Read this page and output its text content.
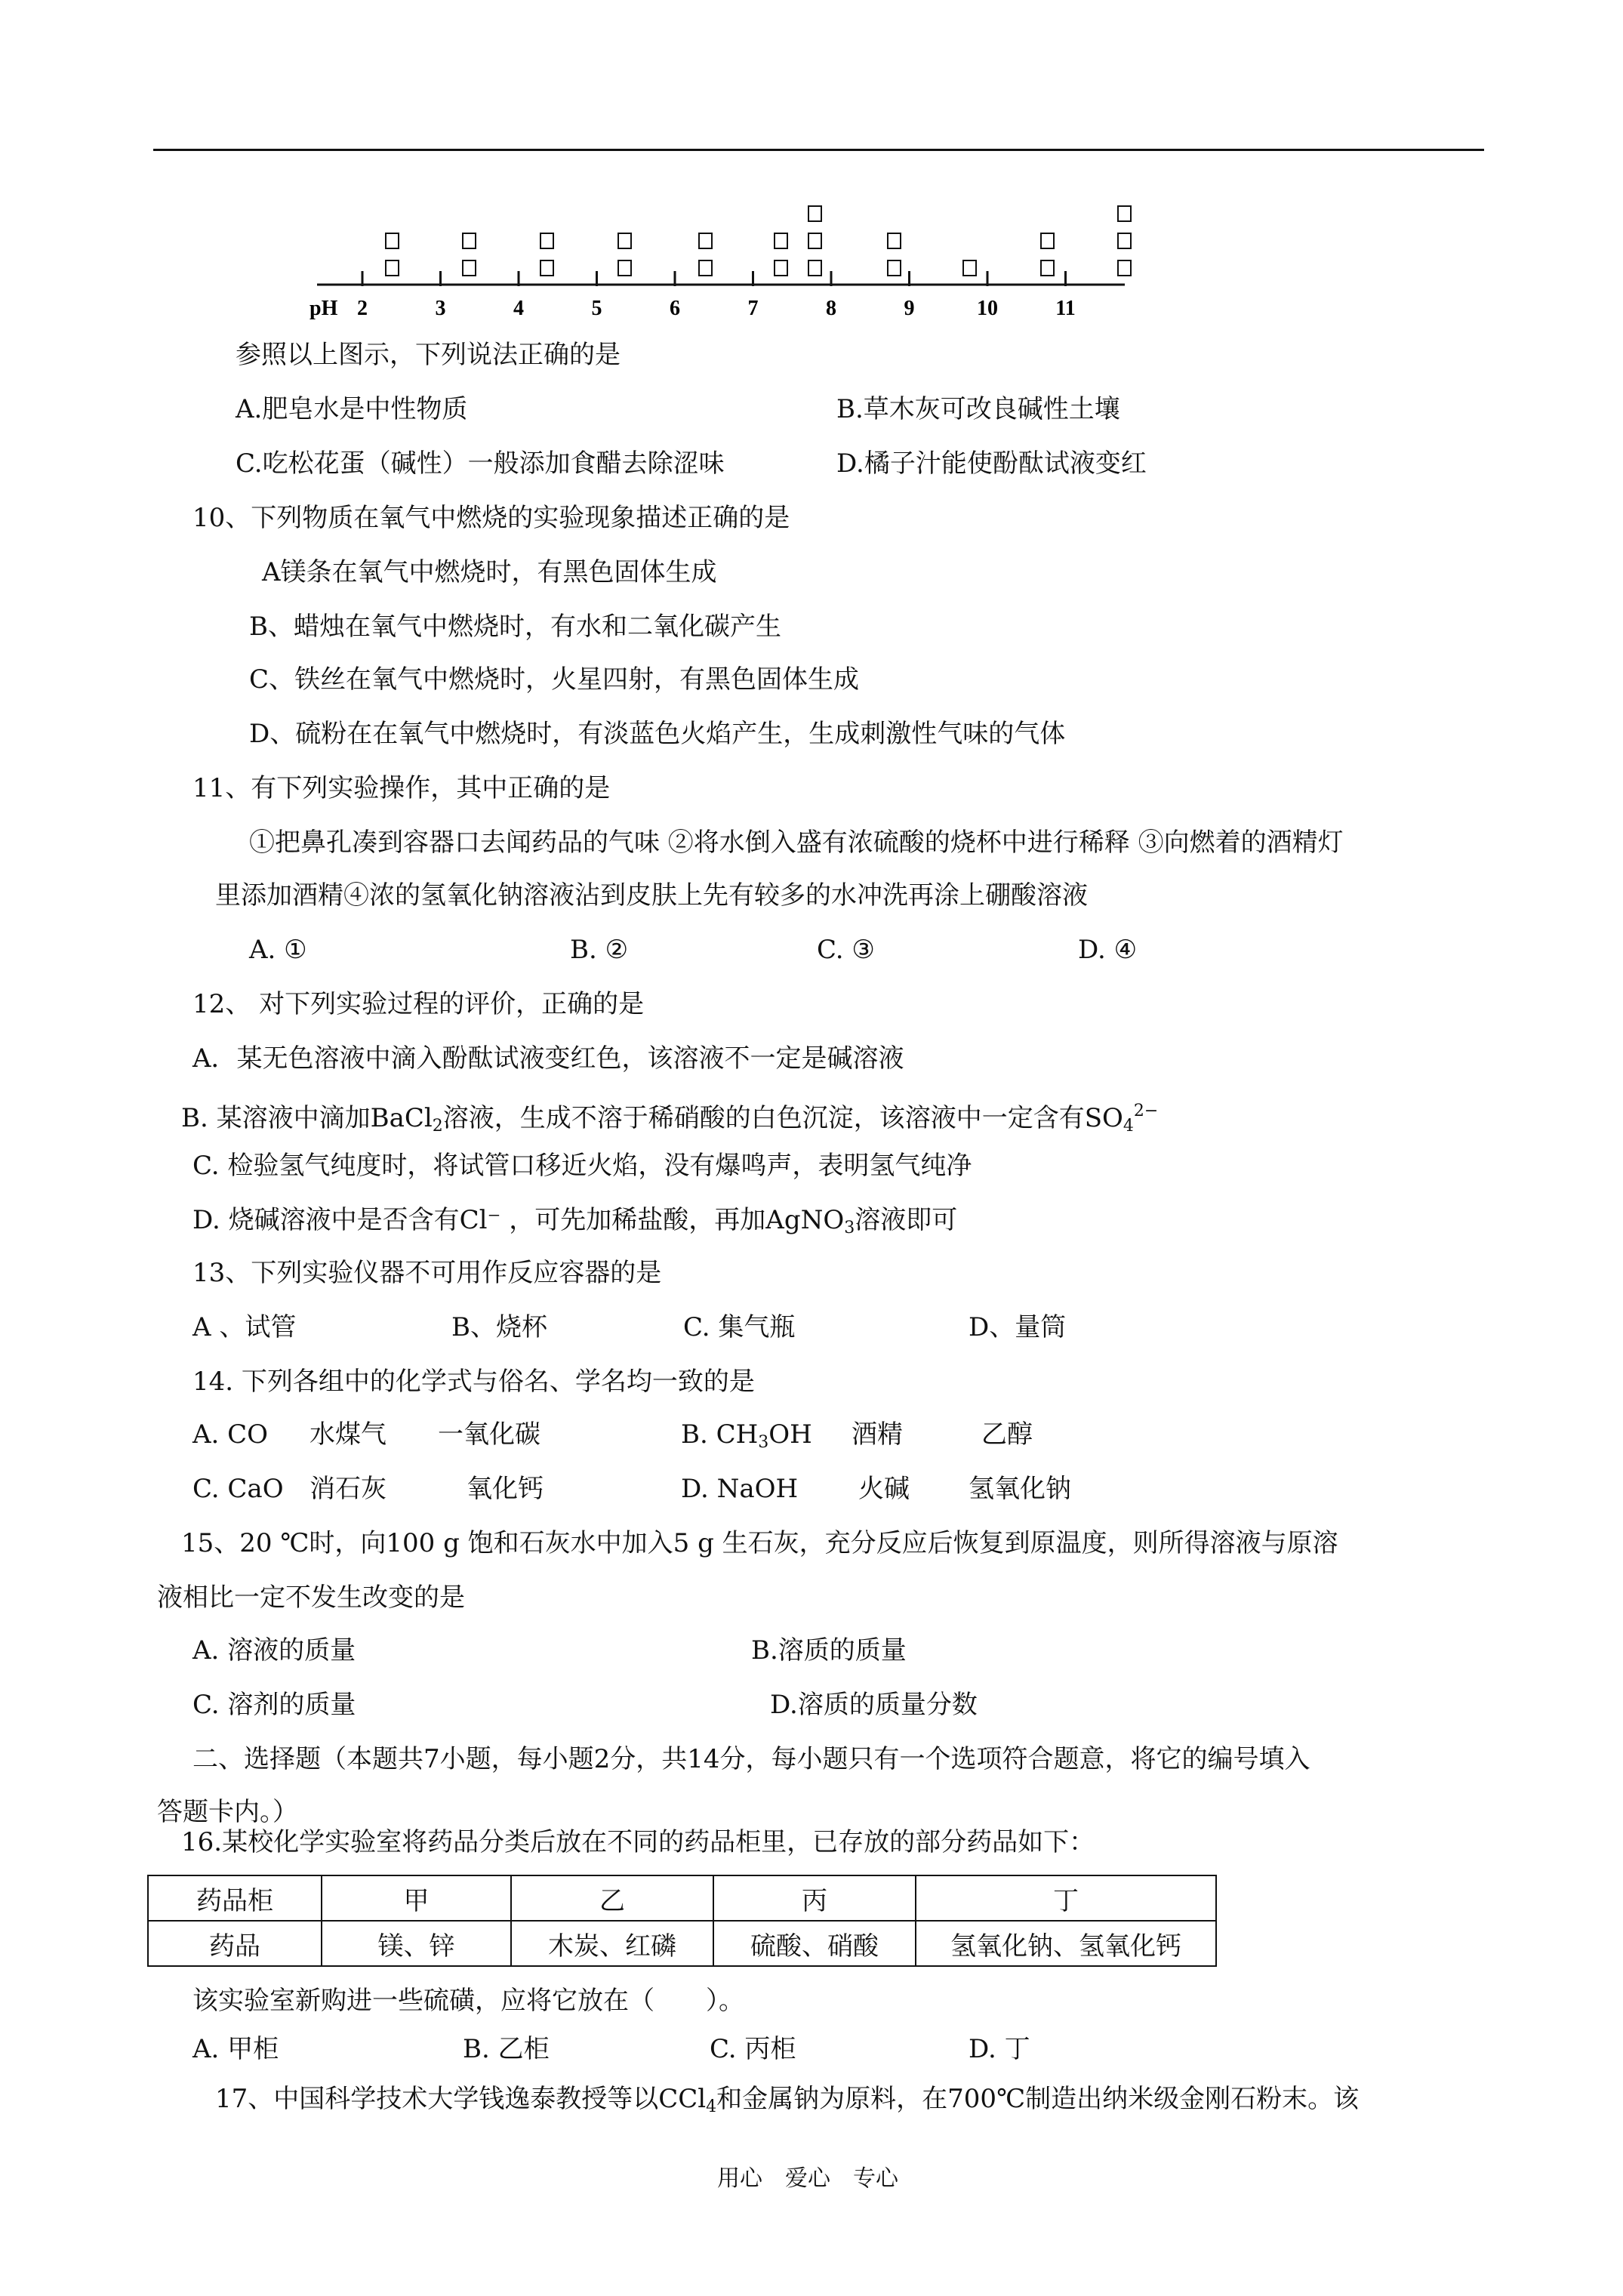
2	3	4	5	6	7	8	9	10	11
pH
参照以上图示，下列说法正确的是
A.肥皂水是中性物质	B.草木灰可改良碱性土壤
C.吃松花蛋（碱性）一般添加食醋去除涩味	D.橘子汁能使酚酞试液变红
10、下列物质在氧气中燃烧的实验现象描述正确的是
A镁条在氧气中燃烧时，有黑色固体生成
B、蜡烛在氧气中燃烧时，有水和二氧化碳产生
C、铁丝在氧气中燃烧时，火星四射，有黑色固体生成
D、硫粉在在氧气中燃烧时，有淡蓝色火焰产生，生成刺激性气味的气体
11、有下列实验操作，其中正确的是
①把鼻孔凑到容器口去闻药品的气味 ②将水倒入盛有浓硫酸的烧杯中进行稀释 ③向燃着的酒精灯
里添加酒精④浓的氢氧化钠溶液沾到皮肤上先有较多的水冲洗再涂上硼酸溶液
A. ①	B. ②	C. ③	D. ④
12、 对下列实验过程的评价，正确的是
A．某无色溶液中滴入酚酞试液变红色，该溶液不一定是碱溶液
B. 某溶液中滴加BaCl$_2$溶液，生成不溶于稀硝酸的白色沉淀，该溶液中一定含有$SO_4^{2-}$
C. 检验氢气纯度时，将试管口移近火焰，没有爆鸣声，表明氢气纯净
D. 烧碱溶液中是否含有Cl⁻ ，可先加稀盐酸，再加AgNO$_3$溶液即可
13、下列实验仪器不可用作反应容器的是
A 、试管	B、烧杯	C. 集气瓶	D、量筒
14. 下列各组中的化学式与俗名、学名均一致的是
A. CO 水煤气 一氧化碳	B. $CH_3OH$ 酒精	乙醇
C. CaO 消石灰	氧化钙	D. NaOH 火碱 氢氧化钠
15、20 ℃时，向100 g 饱和石灰水中加入5 g 生石灰，充分反应后恢复到原温度，则所得溶液与原溶
液相比一定不发生改变的是
A. 溶液的质量	B.溶质的质量
C. 溶剂的质量	D.溶质的质量分数
二、选择题（本题共7小题，每小题2分，共14分，每小题只有一个选项符合题意，将它的编号填入
答题卡内。）
16.某校化学实验室将药品分类后放在不同的药品柜里，已存放的部分药品如下：
药品柜	甲	乙	丙	丁
药品	镁、锌	木炭、红磷	硫酸、硝酸	氢氧化钠、氢氧化钙
该实验室新购进一些硫磺，应将它放在（　　）。
A. 甲柜	B. 乙柜	C. 丙柜	D. 丁
17、中国科学技术大学钱逸泰教授等以CCl$_4$和金属钠为原料，在700℃制造出纳米级金刚石粉末。该
用心　爱心　专心
